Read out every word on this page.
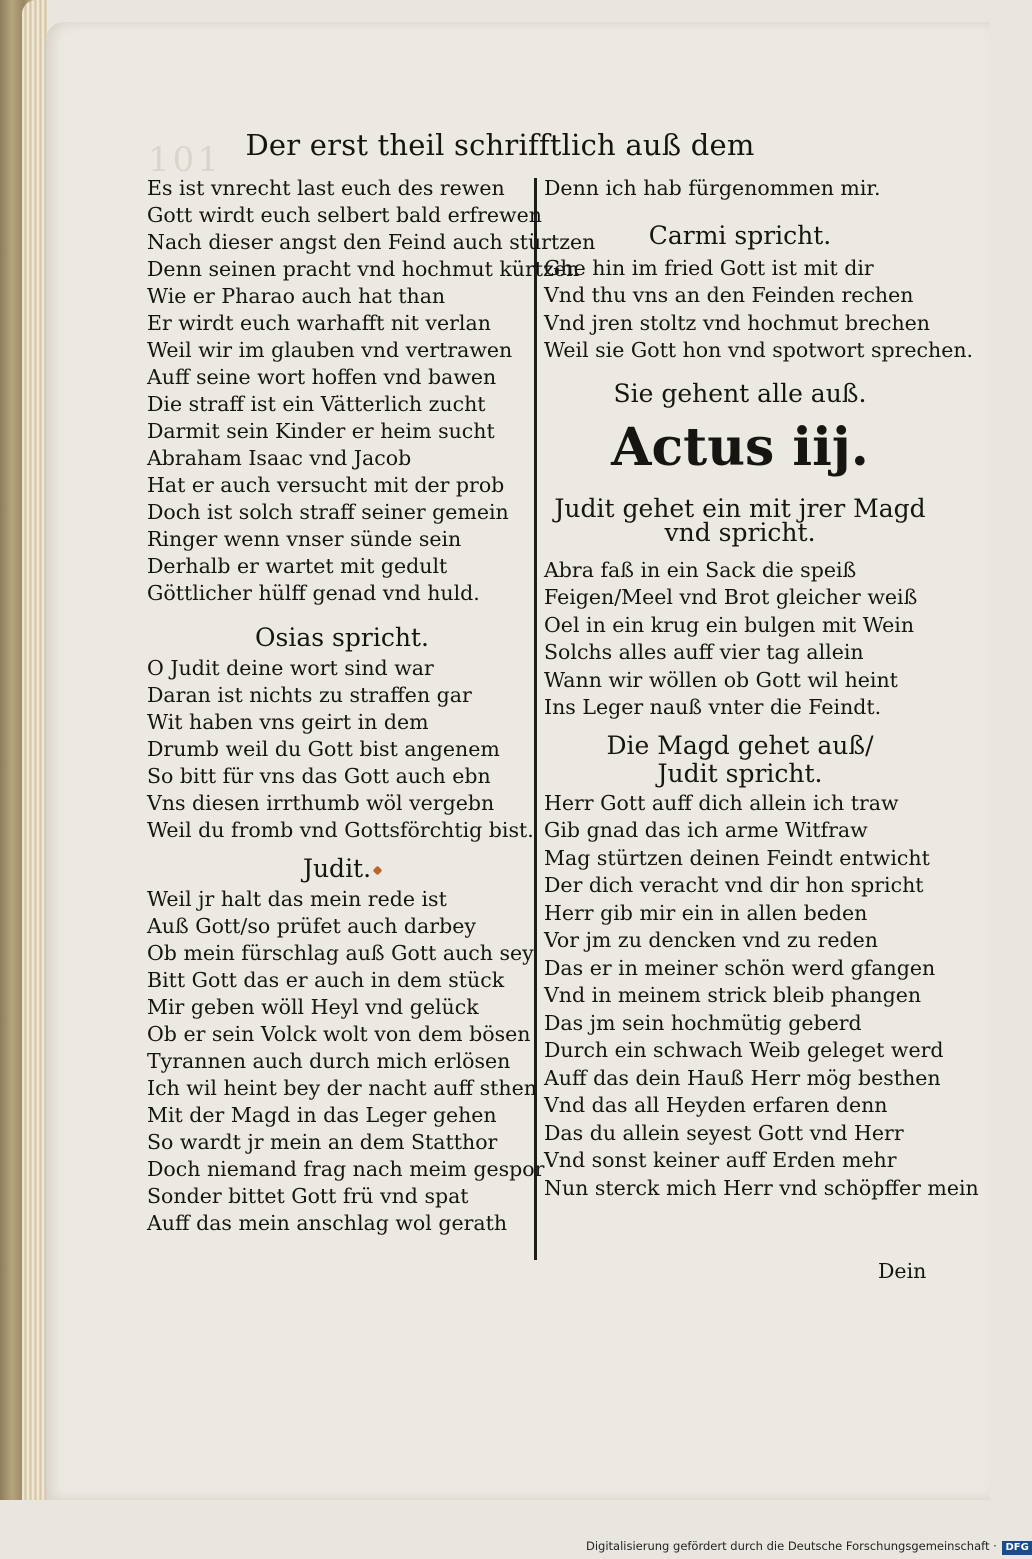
101 Der erst theil schrifftlich auß dem
Es ist vnrecht last euch des rewen
Gott wirdt euch selbert bald erfrewen
Nach dieser angst den Feind auch stürtzen
Denn seinen pracht vnd hochmut kürtzen
Wie er Pharao auch hat than
Er wirdt euch warhafft nit verlan
Weil wir im glauben vnd vertrawen
Auff seine wort hoffen vnd bawen
Die straff ist ein Vätterlich zucht
Darmit sein Kinder er heim sucht
Abraham Isaac vnd Jacob
Hat er auch versucht mit der prob
Doch ist solch straff seiner gemein
Ringer wenn vnser sünde sein
Derhalb er wartet mit gedult
Göttlicher hülff genad vnd huld.
Osias spricht.
O Judit deine wort sind war
Daran ist nichts zu straffen gar
Wit haben vns geirt in dem
Drumb weil du Gott bist angenem
So bitt für vns das Gott auch ebn
Vns diesen irrthumb wöl vergebn
Weil du fromb vnd Gottsförchtig bist.
Judit.
Weil jr halt das mein rede ist
Auß Gott/so prüfet auch darbey
Ob mein fürschlag auß Gott auch sey
Bitt Gott das er auch in dem stück
Mir geben wöll Heyl vnd gelück
Ob er sein Volck wolt von dem bösen
Tyrannen auch durch mich erlösen
Ich wil heint bey der nacht auff sthen
Mit der Magd in das Leger gehen
So wardt jr mein an dem Statthor
Doch niemand frag nach meim gespor
Sonder bittet Gott frü vnd spat
Auff das mein anschlag wol gerath
Denn ich hab fürgenommen mir.
Carmi spricht.
Ghe hin im fried Gott ist mit dir
Vnd thu vns an den Feinden rechen
Vnd jren stoltz vnd hochmut brechen
Weil sie Gott hon vnd spotwort sprechen.
Sie gehent alle auß.
Actus iij.
Judit gehet ein mit jrer Magd
vnd spricht.
Abra faß in ein Sack die speiß
Feigen/Meel vnd Brot gleicher weiß
Oel in ein krug ein bulgen mit Wein
Solchs alles auff vier tag allein
Wann wir wöllen ob Gott wil heint
Ins Leger nauß vnter die Feindt.
Die Magd gehet auß/
Judit spricht.
Herr Gott auff dich allein ich traw
Gib gnad das ich arme Witfraw
Mag stürtzen deinen Feindt entwicht
Der dich veracht vnd dir hon spricht
Herr gib mir ein in allen beden
Vor jm zu dencken vnd zu reden
Das er in meiner schön werd gfangen
Vnd in meinem strick bleib phangen
Das jm sein hochmütig geberd
Durch ein schwach Weib geleget werd
Auff das dein Hauß Herr mög besthen
Vnd das all Heyden erfaren denn
Das du allein seyest Gott vnd Herr
Vnd sonst keiner auff Erden mehr
Nun sterck mich Herr vnd schöpffer mein
Dein
Digitalisierung gefördert durch die Deutsche Forschungsgemeinschaft · DFG
